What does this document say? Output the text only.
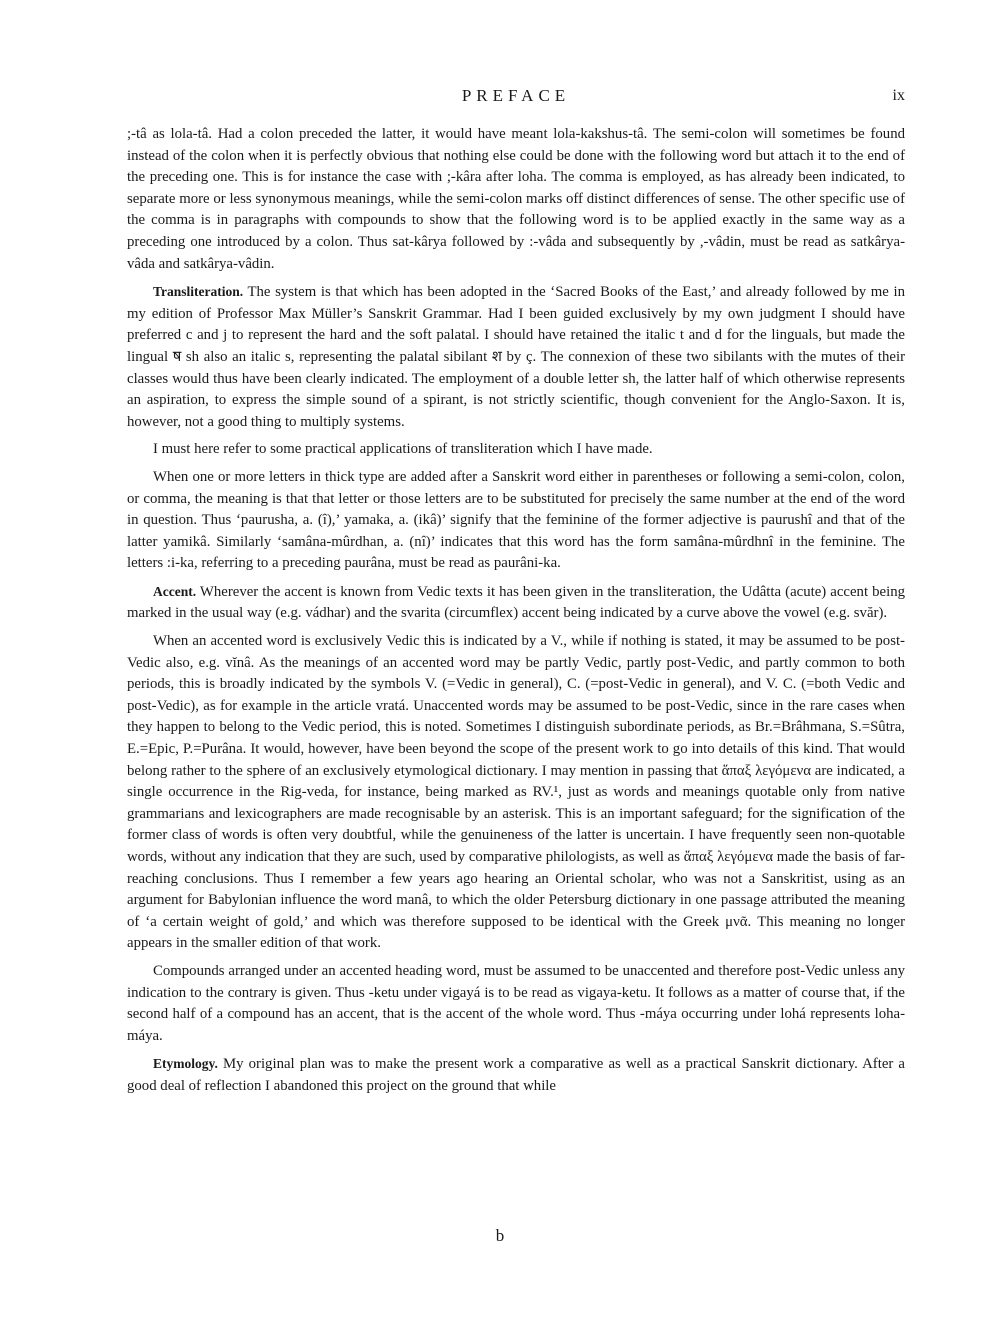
PREFACE	ix

;-tâ as lola-tâ. Had a colon preceded the latter, it would have meant lola-kakshus-tâ. The semi-colon will sometimes be found instead of the colon when it is perfectly obvious that nothing else could be done with the following word but attach it to the end of the preceding one. This is for instance the case with ;-kâra after loha. The comma is employed, as has already been indicated, to separate more or less synonymous meanings, while the semi-colon marks off distinct differences of sense. The other specific use of the comma is in paragraphs with compounds to show that the following word is to be applied exactly in the same way as a preceding one introduced by a colon. Thus sat-kârya followed by :-vâda and subsequently by ,-vâdin, must be read as satkârya-vâda and satkârya-vâdin.

Transliteration. The system is that which has been adopted in the ‘Sacred Books of the East,’ and already followed by me in my edition of Professor Max Müller’s Sanskrit Grammar. Had I been guided exclusively by my own judgment I should have preferred c and j to represent the hard and the soft palatal. I should have retained the italic t and d for the linguals, but made the lingual ष sh also an italic s, representing the palatal sibilant श by ç. The connexion of these two sibilants with the mutes of their classes would thus have been clearly indicated. The employment of a double letter sh, the latter half of which otherwise represents an aspiration, to express the simple sound of a spirant, is not strictly scientific, though convenient for the Anglo-Saxon. It is, however, not a good thing to multiply systems.

I must here refer to some practical applications of transliteration which I have made.

When one or more letters in thick type are added after a Sanskrit word either in parentheses or following a semi-colon, colon, or comma, the meaning is that that letter or those letters are to be substituted for precisely the same number at the end of the word in question. Thus ‘paurusha, a. (î),’ yamaka, a. (ikâ)’ signify that the feminine of the former adjective is paurushî and that of the latter yamikâ. Similarly ‘samâna-mûrdhan, a. (nî)’ indicates that this word has the form samâna-mûrdhnî in the feminine. The letters :i-ka, referring to a preceding paurâna, must be read as paurâni-ka.

Accent. Wherever the accent is known from Vedic texts it has been given in the transliteration, the Udâtta (acute) accent being marked in the usual way (e.g. vádhar) and the svarita (circumflex) accent being indicated by a curve above the vowel (e.g. svăr).

When an accented word is exclusively Vedic this is indicated by a V., while if nothing is stated, it may be assumed to be post-Vedic also, e.g. vĭnâ. As the meanings of an accented word may be partly Vedic, partly post-Vedic, and partly common to both periods, this is broadly indicated by the symbols V. (=Vedic in general), C. (=post-Vedic in general), and V. C. (=both Vedic and post-Vedic), as for example in the article vratá. Unaccented words may be assumed to be post-Vedic, since in the rare cases when they happen to belong to the Vedic period, this is noted. Sometimes I distinguish subordinate periods, as Br.=Brâhmana, S.=Sûtra, E.=Epic, P.=Purâna. It would, however, have been beyond the scope of the present work to go into details of this kind. That would belong rather to the sphere of an exclusively etymological dictionary. I may mention in passing that ἅπαξ λεγόμενα are indicated, a single occurrence in the Rig-veda, for instance, being marked as RV.¹, just as words and meanings quotable only from native grammarians and lexicographers are made recognisable by an asterisk. This is an important safeguard; for the signification of the former class of words is often very doubtful, while the genuineness of the latter is uncertain. I have frequently seen non-quotable words, without any indication that they are such, used by comparative philologists, as well as ἅπαξ λεγόμενα made the basis of far-reaching conclusions. Thus I remember a few years ago hearing an Oriental scholar, who was not a Sanskritist, using as an argument for Babylonian influence the word manâ, to which the older Petersburg dictionary in one passage attributed the meaning of ‘a certain weight of gold,’ and which was therefore supposed to be identical with the Greek μνᾶ. This meaning no longer appears in the smaller edition of that work.

Compounds arranged under an accented heading word, must be assumed to be unaccented and therefore post-Vedic unless any indication to the contrary is given. Thus -ketu under vigayá is to be read as vigaya-ketu. It follows as a matter of course that, if the second half of a compound has an accent, that is the accent of the whole word. Thus -máya occurring under lohá represents loha-máya.

Etymology. My original plan was to make the present work a comparative as well as a practical Sanskrit dictionary. After a good deal of reflection I abandoned this project on the ground that while

b
